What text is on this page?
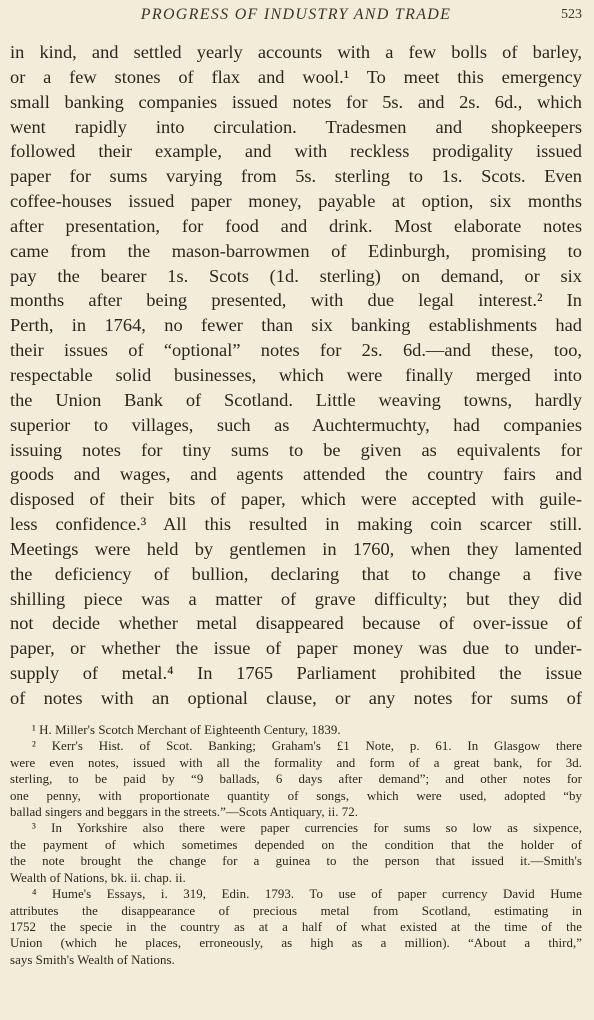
PROGRESS OF INDUSTRY AND TRADE	523
in kind, and settled yearly accounts with a few bolls of barley,
or a few stones of flax and wool.¹ To meet this emergency
small banking companies issued notes for 5s. and 2s. 6d., which
went rapidly into circulation. Tradesmen and shopkeepers
followed their example, and with reckless prodigality issued
paper for sums varying from 5s. sterling to 1s. Scots. Even
coffee-houses issued paper money, payable at option, six months
after presentation, for food and drink. Most elaborate notes
came from the mason-barrowmen of Edinburgh, promising to
pay the bearer 1s. Scots (1d. sterling) on demand, or six
months after being presented, with due legal interest.² In
Perth, in 1764, no fewer than six banking establishments had
their issues of “optional” notes for 2s. 6d.—and these, too,
respectable solid businesses, which were finally merged into
the Union Bank of Scotland. Little weaving towns, hardly
superior to villages, such as Auchtermuchty, had companies
issuing notes for tiny sums to be given as equivalents for
goods and wages, and agents attended the country fairs and
disposed of their bits of paper, which were accepted with guile-
less confidence.³ All this resulted in making coin scarcer still.
Meetings were held by gentlemen in 1760, when they lamented
the deficiency of bullion, declaring that to change a five
shilling piece was a matter of grave difficulty; but they did
not decide whether metal disappeared because of over-issue of
paper, or whether the issue of paper money was due to under-
supply of metal.⁴ In 1765 Parliament prohibited the issue
of notes with an optional clause, or any notes for sums of
¹ H. Miller's Scotch Merchant of Eighteenth Century, 1839.
² Kerr's Hist. of Scot. Banking; Graham's £1 Note, p. 61. In Glasgow there
were even notes, issued with all the formality and form of a great bank, for 3d.
sterling, to be paid by “9 ballads, 6 days after demand”; and other notes for
one penny, with proportionate quantity of songs, which were used, adopted “by
ballad singers and beggars in the streets.”—Scots Antiquary, ii. 72.
³ In Yorkshire also there were paper currencies for sums so low as sixpence,
the payment of which sometimes depended on the condition that the holder of
the note brought the change for a guinea to the person that issued it.—Smith's
Wealth of Nations, bk. ii. chap. ii.
⁴ Hume's Essays, i. 319, Edin. 1793. To use of paper currency David Hume
attributes the disappearance of precious metal from Scotland, estimating in
1752 the specie in the country as at a half of what existed at the time of the
Union (which he places, erroneously, as high as a million). “About a third,”
says Smith's Wealth of Nations.
